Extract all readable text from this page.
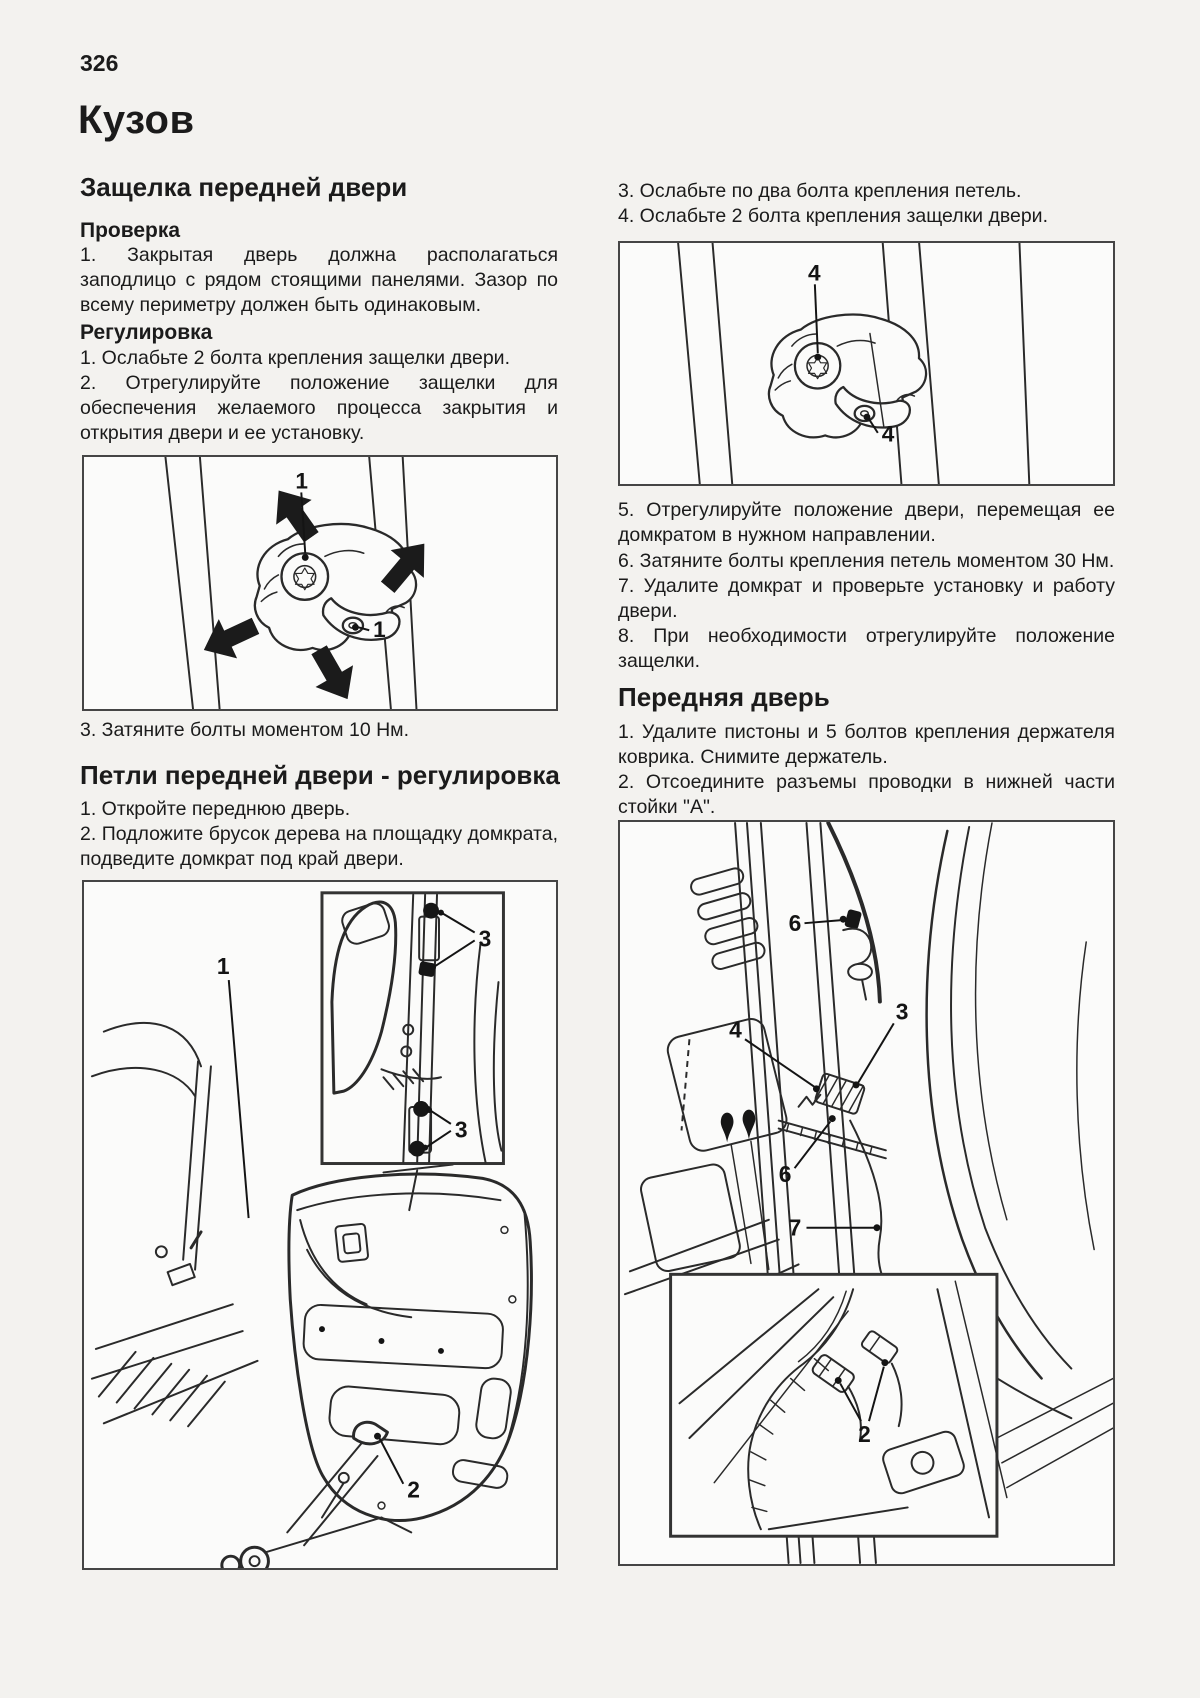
326
Кузов
Защелка передней двери
Проверка
1. Закрытая дверь должна располагаться заподлицо с рядом стоящими панелями. Зазор по всему периметру должен быть одинаковым.
Регулировка
1. Ослабьте 2 болта крепления защелки двери.
2. Отрегулируйте положение защелки для обеспечения желаемого процесса закрытия и открытия двери и ее установку.
1
1
3. Затяните болты моментом 10 Нм.
Петли передней двери - регулировка
1. Откройте переднюю дверь.
2. Подложите брусок дерева на площадку домкрата, подведите домкрат под край двери.
1
2
3
3
3. Ослабьте по два болта крепления петель.
4. Ослабьте 2 болта крепления защелки двери.
4
4
5. Отрегулируйте положение двери, перемещая ее домкратом в нужном направлении.
6. Затяните болты крепления петель моментом 30 Нм.
7. Удалите домкрат и проверьте установку и работу двери.
8. При необходимости отрегулируйте положение защелки.
Передняя дверь
1. Удалите пистоны и 5 болтов крепления держателя коврика. Снимите держатель.
2. Отсоедините разъемы проводки в нижней части стойки "А".
6
3
4
6
7
2
